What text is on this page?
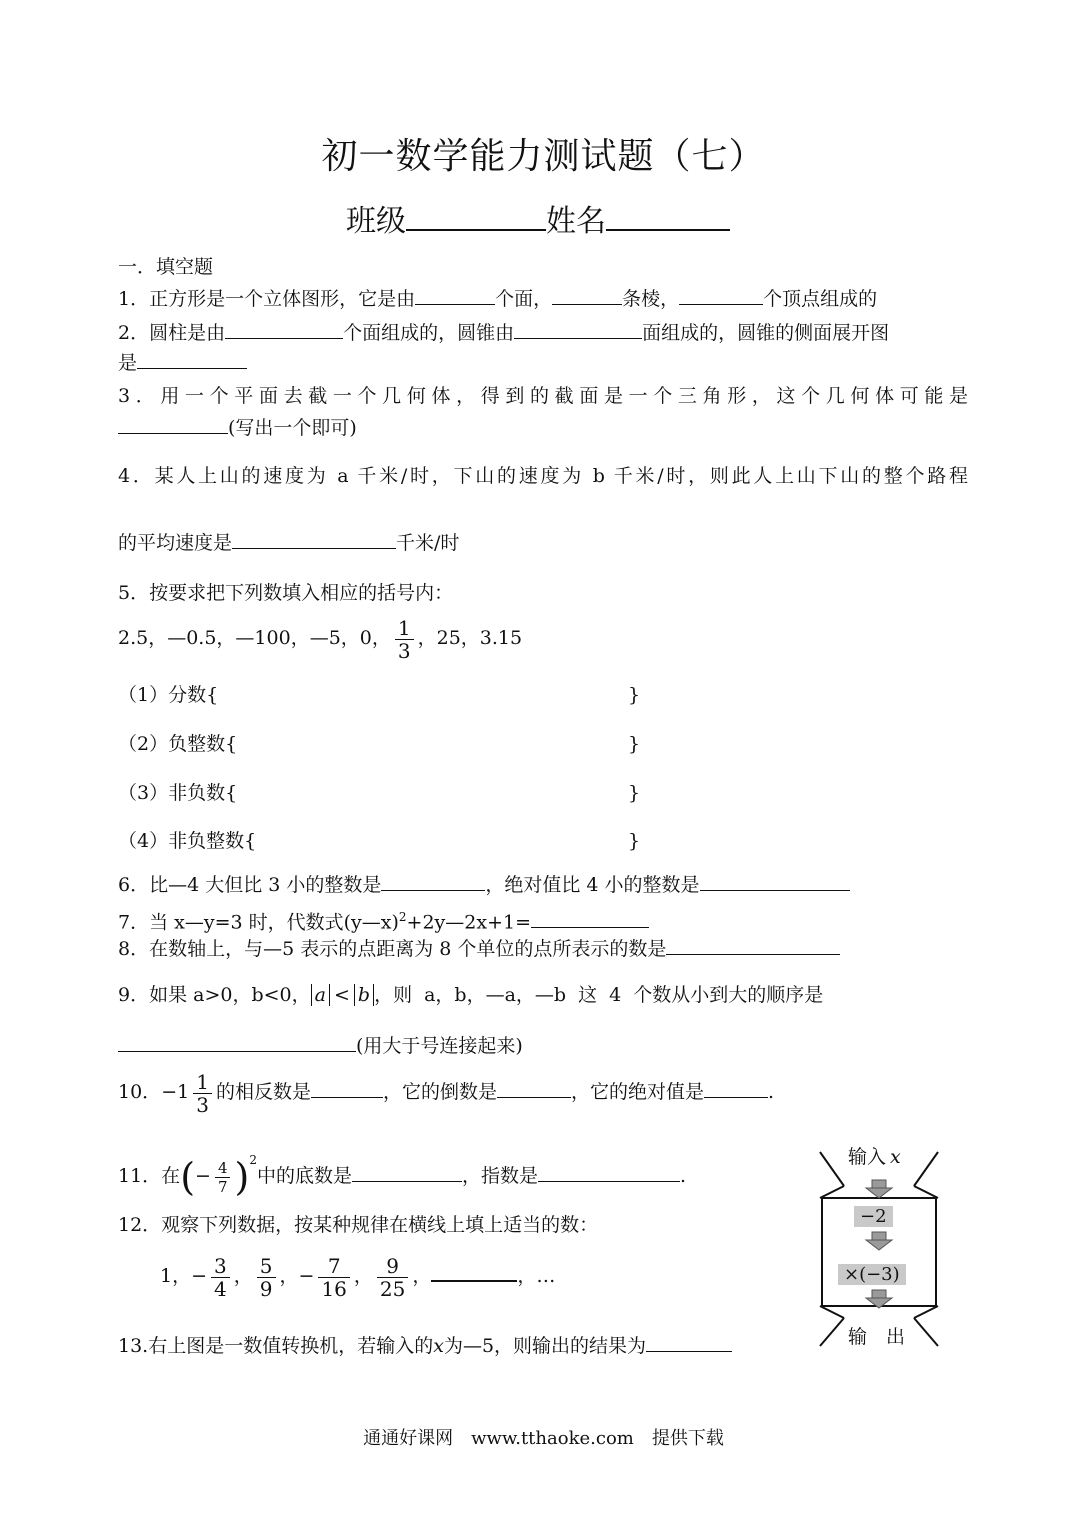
初一数学能力测试题（七）
班级	姓名
一．填空题
1．正方形是一个立体图形，它是由	个面，	条棱，	个顶点组成的
2．圆柱是由	个面组成的，圆锥由	面组成的，圆锥的侧面展开图
是
3．用一个平面去截一个几何体，得到的截面是一个三角形，这个几何体可能是
(写出一个即可)
4．某人上山的速度为 a 千米/时，下山的速度为 b 千米/时，则此人上山下山的整个路程
的平均速度是	千米/时
5．按要求把下列数填入相应的括号内：
2.5，—0.5，—100，—5，0， $\frac{1}{3}$ ，25，3.15
（1）分数{	}
（2）负整数{	}
（3）非负数{	}
（4）非负整数{	}
6．比—4 大但比 3 小的整数是	，绝对值比 4 小的整数是
7．当 x—y=3 时，代数式(y—x)$^2$+2y—2x+1=
8．在数轴上，与—5 表示的点距离为 8 个单位的点所表示的数是
9．如果 a>0，b<0， a < b ，则 a，b，—a，—b 这 4 个数从小到大的顺序是
(用大于号连接起来)
10．$-1 \frac{1}{3}$ 的相反数是	，它的倒数是	，它的绝对值是	.
11．在(− $\frac{4}{7} )^2$中的底数是	，指数是	.
12．观察下列数据，按某种规律在横线上填上适当的数：
1，− $\frac{3}{4}$ ， $\frac{5}{9}$ ，− $\frac{7}{16}$ ， $\frac{9}{25}$ ，	，…
13.右上图是一数值转换机，若输入的x为—5，则输出的结果为
输入 x
−2
×(−3)
输　出
通通好课网　www.tthaoke.com　提供下载
